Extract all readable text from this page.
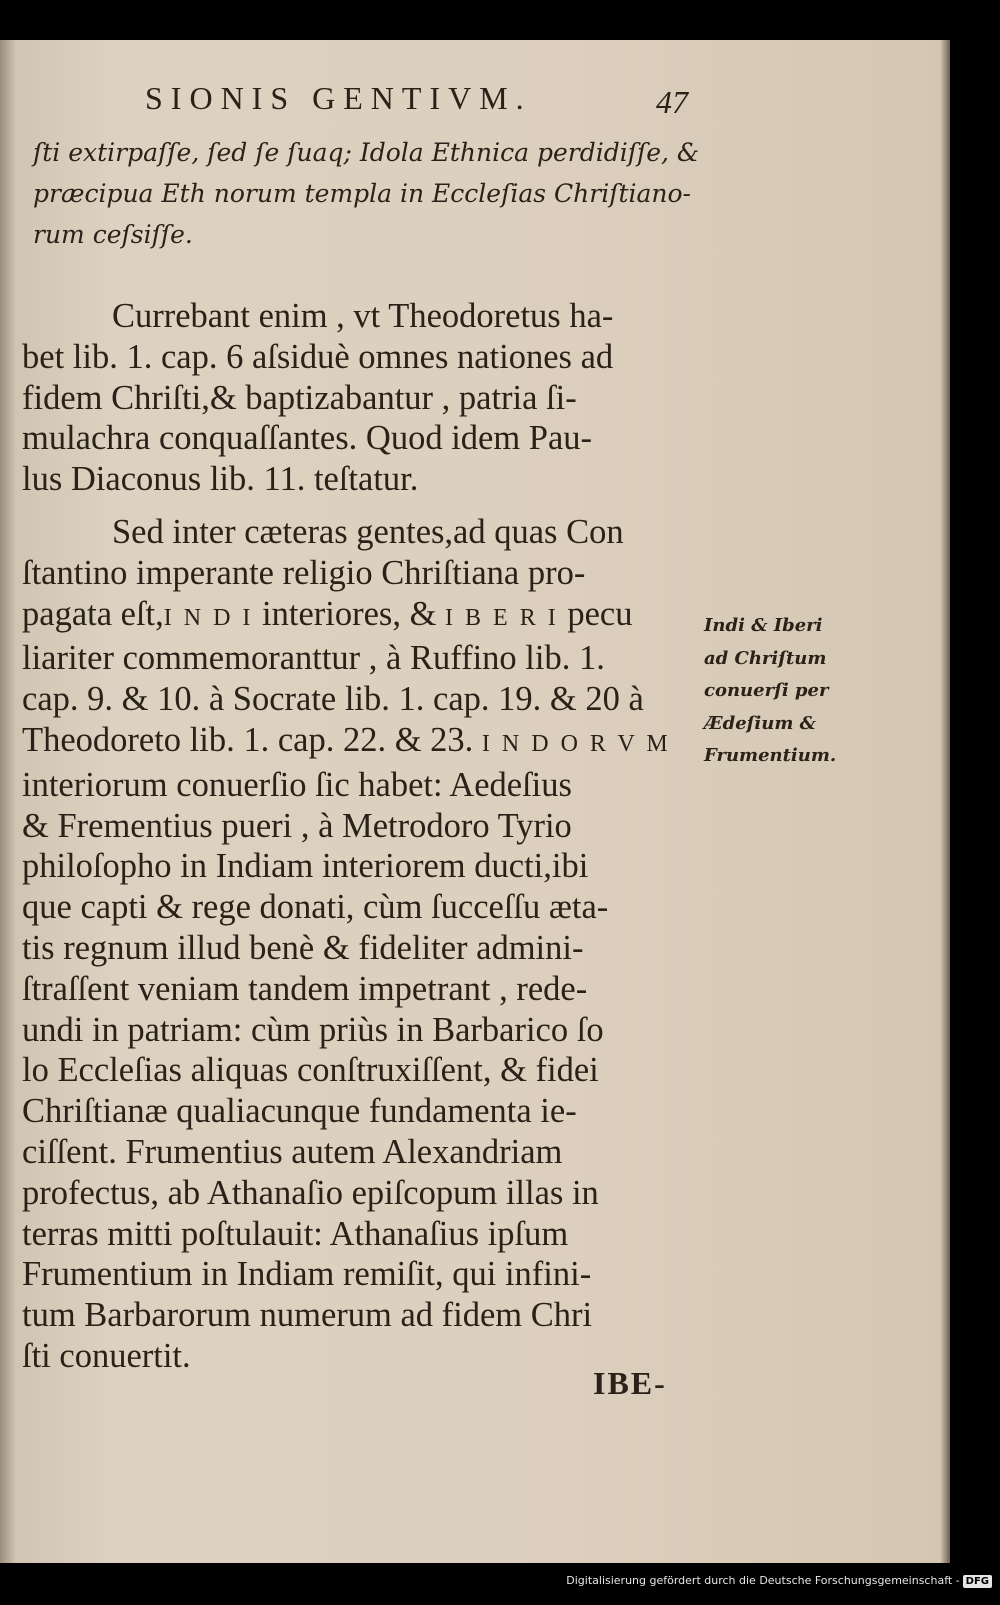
SIONIS GENTIVM.	47
ſti extirpaſſe, ſed ſe ſuaq; Idola Ethnica perdidiſſe, &
præcipua Eth norum templa in Eccleſias Chriſtiano-
rum ceſsiſſe.
Currebant enim , vt Theodoretus ha-
bet lib. 1. cap. 6 aſsiduè omnes nationes ad
fidem Chriſti,& baptizabantur , patria ſi-
mulachra conquaſſantes. Quod idem Pau-
lus Diaconus lib. 11. teſtatur.
Sed inter cæteras gentes,ad quas Con
ſtantino imperante religio Chriſtiana pro-
pagata eſt,I N D I interiores, & I B E R I pecu
liariter commemoranttur , à Ruffino lib. 1.
cap. 9. & 10. à Socrate lib. 1. cap. 19. & 20 à
Theodoreto lib. 1. cap. 22. & 23. I N D O R V M
interiorum conuerſio ſic habet: Aedeſius
& Frementius pueri , à Metrodoro Tyrio
philoſopho in Indiam interiorem ducti,ibi
que capti & rege donati, cùm ſucceſſu æta-
tis regnum illud benè & fideliter admini-
ſtraſſent veniam tandem impetrant , rede-
undi in patriam: cùm priùs in Barbarico ſo
lo Eccleſias aliquas conſtruxiſſent, & fidei
Chriſtianæ qualiacunque fundamenta ie-
ciſſent. Frumentius autem Alexandriam
profectus, ab Athanaſio epiſcopum illas in
terras mitti poſtulauit: Athanaſius ipſum
Frumentium in Indiam remiſit, qui infini-
tum Barbarorum numerum ad fidem Chri
ſti conuertit.
IBE-
Indi & Iberi
ad Chriſtum
conuerſi per
Ædeſium &
Frumentium.
Digitalisierung gefördert durch die Deutsche Forschungsgemeinschaft - DFG
